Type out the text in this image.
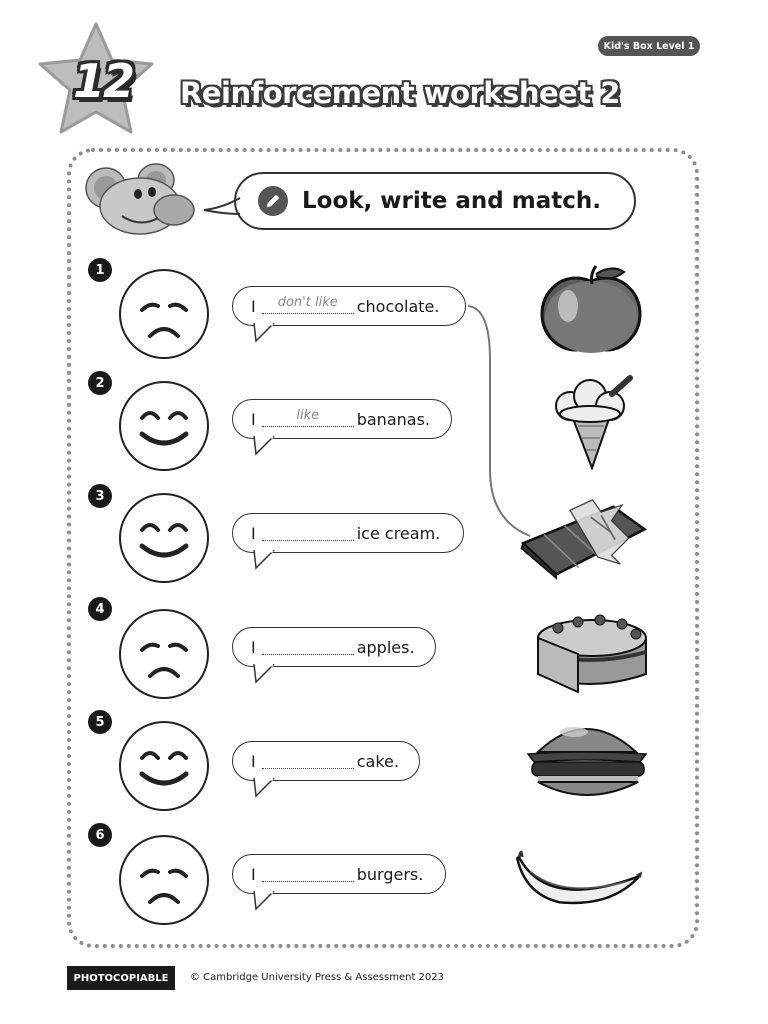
Kid's Box Level 1
12	Reinforcement worksheet 2
Look, write and match.
1
I	$^{don't like}$	chocolate.
2
I	$^{like}$	bananas.
3
I	ice cream.
4
I	apples.
5
I	cake.
6
I	burgers.
PHOTOCOPIABLE	© Cambridge University Press & Assessment 2023
